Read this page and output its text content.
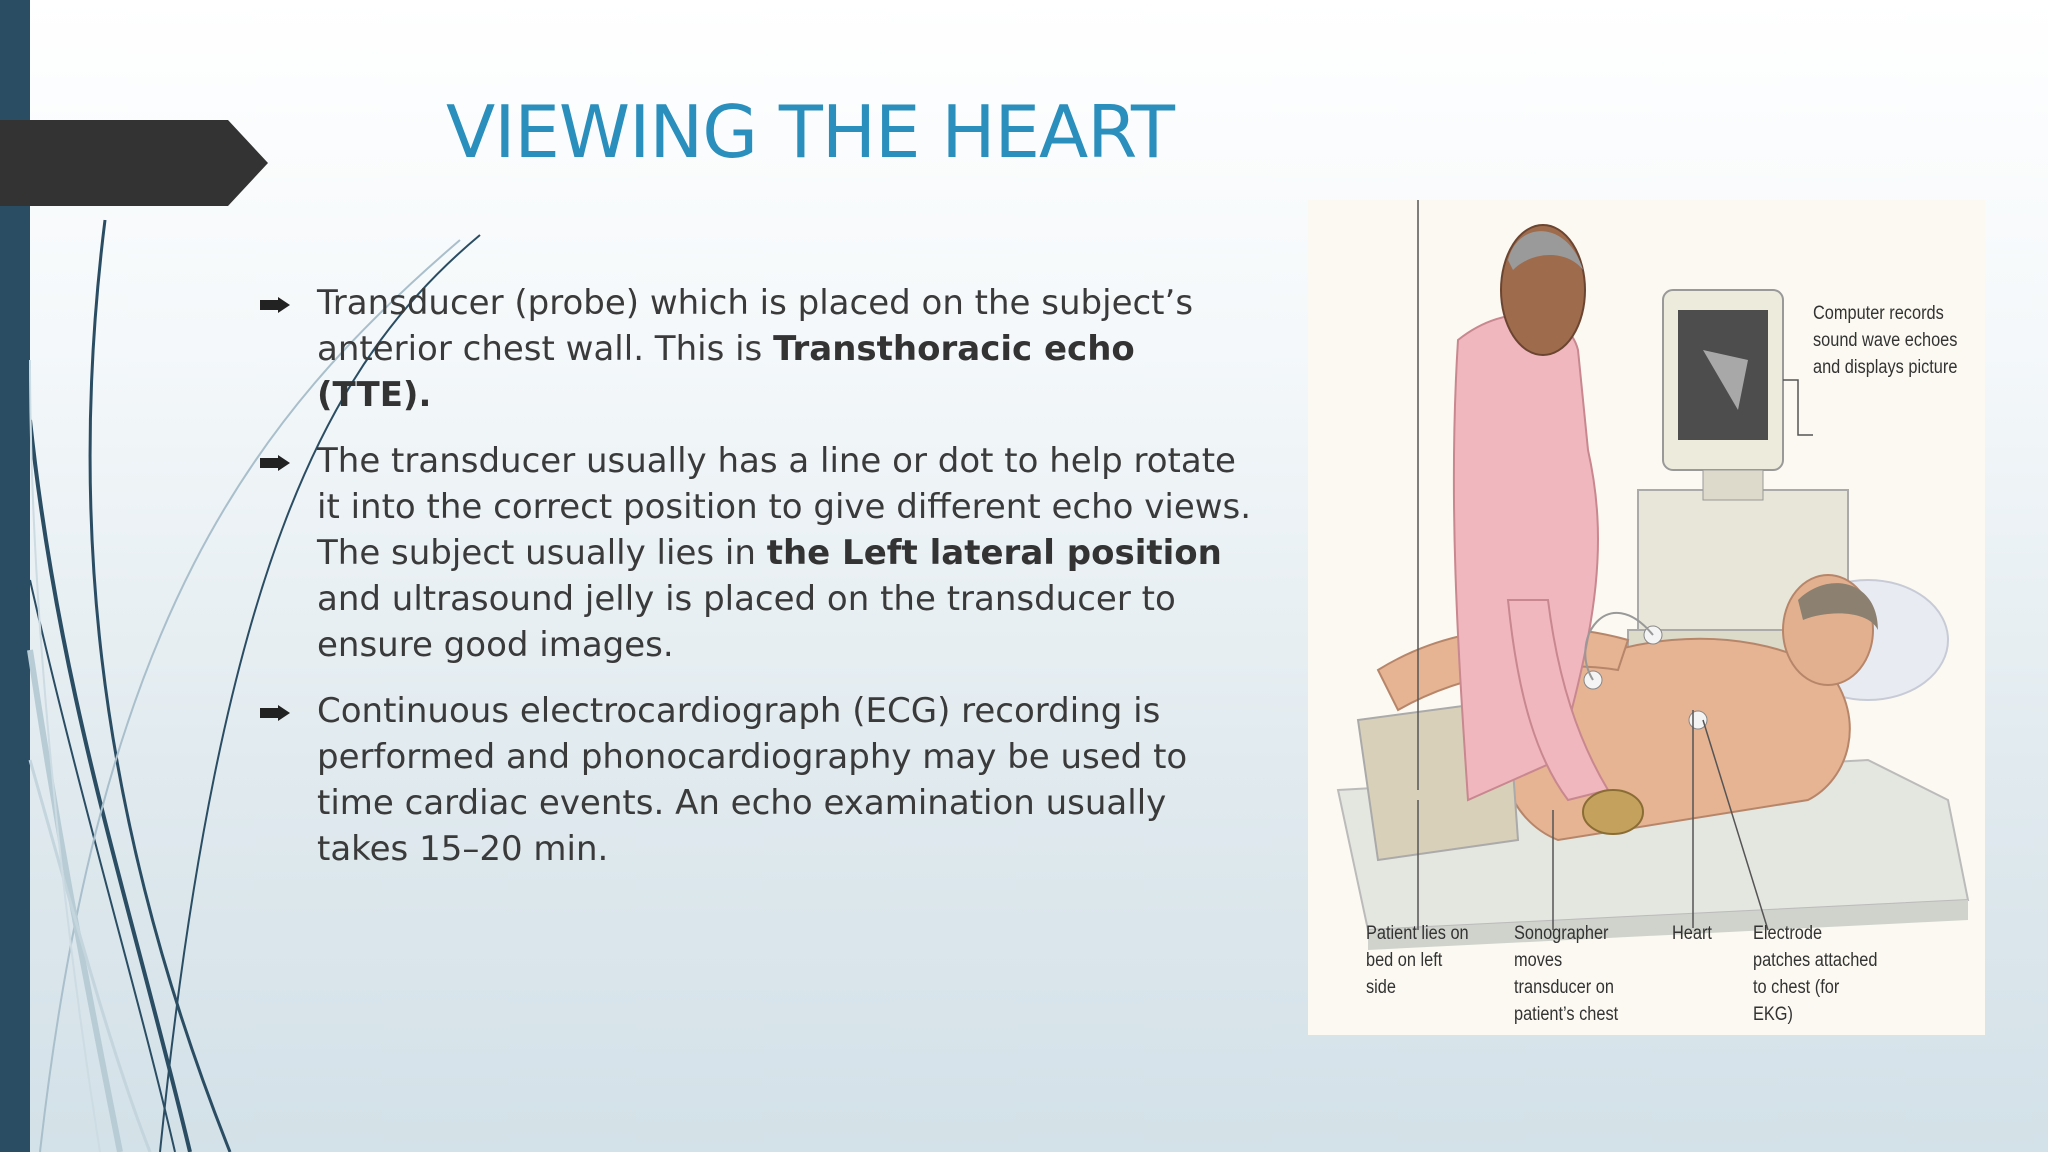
VIEWING THE HEART
Transducer (probe) which is placed on the subject’s anterior chest wall. This is Transthoracic echo (TTE).
The transducer usually has a line or dot to help rotate it into the correct position to give different echo views. The subject usually lies in the Left lateral position and ultrasound jelly is placed on the transducer to ensure good images.
Continuous electrocardiograph (ECG) recording is performed and phonocardiography may be used to time cardiac events. An echo examination usually takes 15–20 min.
Computer records sound wave echoes and displays picture
Patient lies on bed on left side
Sonographer moves transducer on patient’s chest
Heart	Electrode patches attached to chest (for EKG)
